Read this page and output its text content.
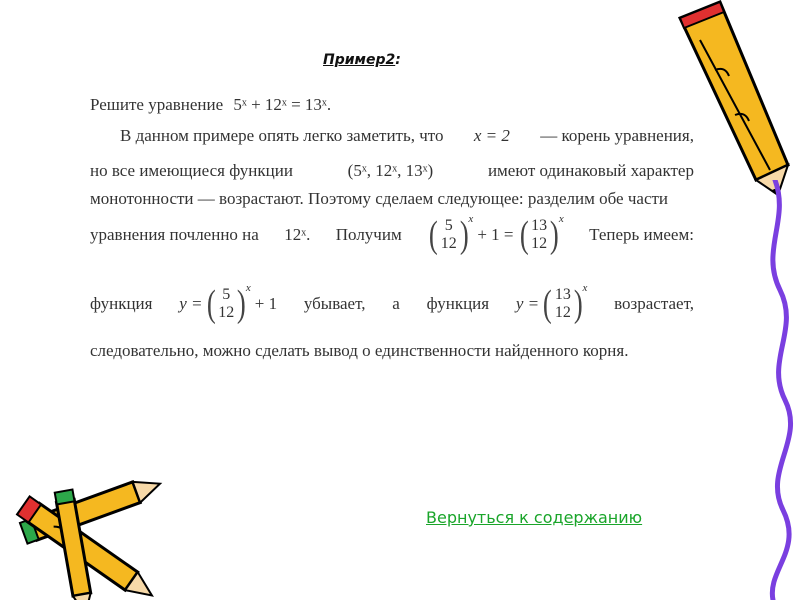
Пример2:
Решите уравнение 5ˣ + 12ˣ = 13ˣ.
В данном примере опять легко заметить, что x = 2 — корень уравнения,
но все имеющиеся функции	(5ˣ, 12ˣ, 13ˣ)	имеют одинаковый характер
монотонности — возрастают. Поэтому сделаем следующее: разделим обе части
уравнения почленно на 12ˣ. Получим ( 5
12 ) x
+ 1 = ( 13
12 ) x
Теперь имеем:
функция y = ( 5
12 ) x
+ 1 убывает, а функция y = ( 13
12 ) x
возрастает,
следовательно, можно сделать вывод о единственности найденного корня.
Вернуться к содержанию
